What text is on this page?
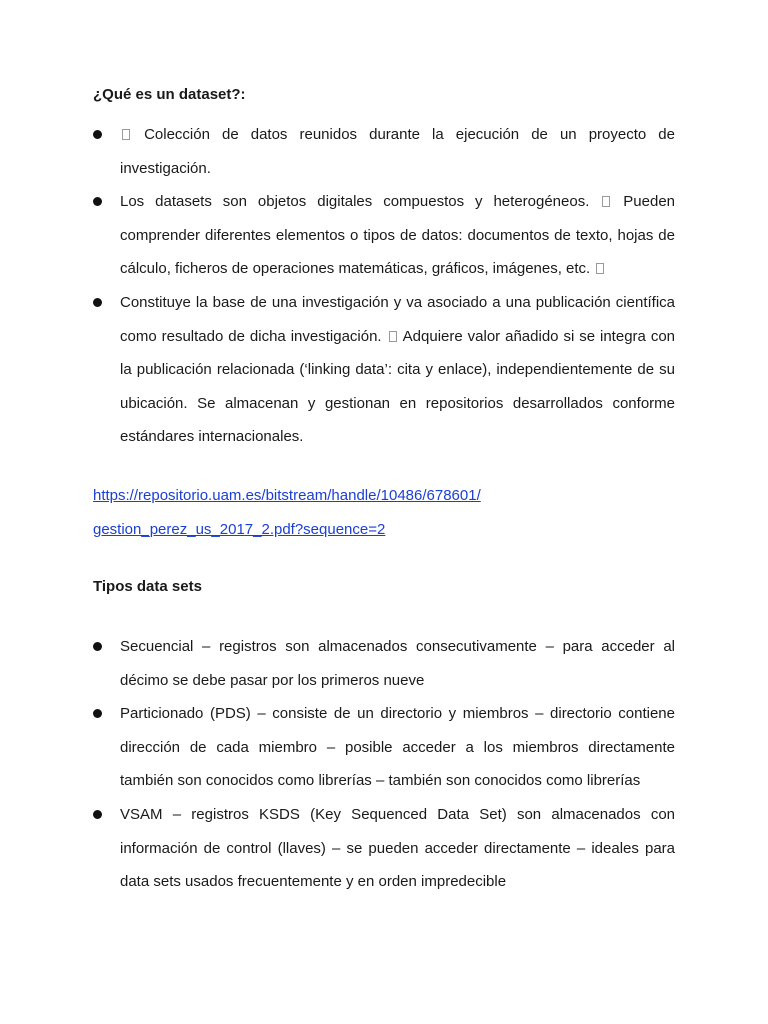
¿Qué es un dataset?:

Colección de datos reunidos durante la ejecución de un proyecto de investigación.
Los datasets son objetos digitales compuestos y heterogéneos. Pueden comprender diferentes elementos o tipos de datos: documentos de texto, hojas de cálculo, ficheros de operaciones matemáticas, gráficos, imágenes, etc.
Constituye la base de una investigación y va asociado a una publicación científica como resultado de dicha investigación. Adquiere valor añadido si se integra con la publicación relacionada (‘linking data’: cita y enlace), independientemente de su ubicación. Se almacenan y gestionan en repositorios desarrollados conforme estándares internacionales.
https://repositorio.uam.es/bitstream/handle/10486/678601/
gestion_perez_us_2017_2.pdf?sequence=2

Tipos data sets

Secuencial – registros son almacenados consecutivamente – para acceder al décimo se debe pasar por los primeros nueve
Particionado (PDS) – consiste de un directorio y miembros – directorio contiene dirección de cada miembro – posible acceder a los miembros directamente también son conocidos como librerías – también son conocidos como librerías
VSAM – registros KSDS (Key Sequenced Data Set) son almacenados con información de control (llaves) – se pueden acceder directamente – ideales para data sets usados frecuentemente y en orden impredecible
